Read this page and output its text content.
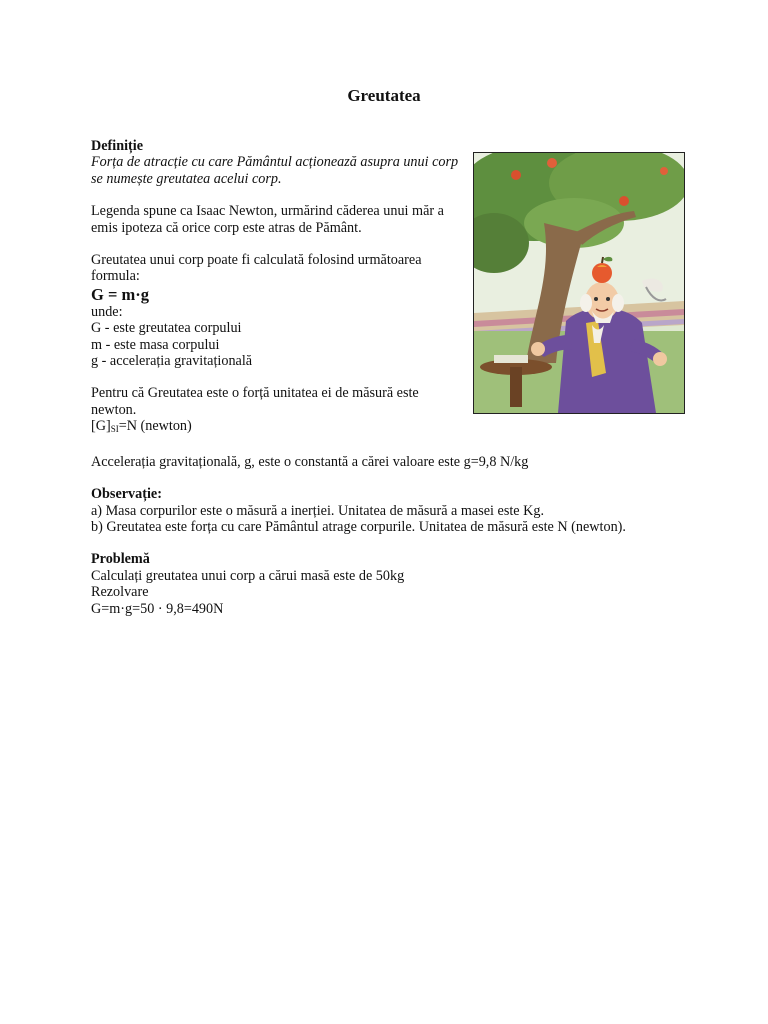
Greutatea

Definiție

Forța de atracție cu care Pământul acționează asupra unui corp se numește greutatea acelui corp.

Legenda spune ca Isaac Newton, urmărind căderea unui măr a emis ipoteza că orice corp este atras de Pământ.

Greutatea unui corp poate fi calculată folosind următoarea formula:

G = m·g

unde:

G - este greutatea corpului

m - este masa corpului

g - accelerația gravitațională

Pentru că Greutatea este o forță unitatea ei de măsură este newton.

$[G]_{SI}=N$ (newton)

Accelerația gravitațională, g, este o constantă a cărei valoare este g=9,8 N/kg

Observație:

a) Masa corpurilor este o măsură a inerției. Unitatea de măsură a masei este Kg.

b) Greutatea este forța cu care Pământul atrage corpurile. Unitatea de măsură este N (newton).

Problemă

Calculați greutatea unui corp a cărui masă este de 50kg

Rezolvare

G=m·g=50 · 9,8=490N
